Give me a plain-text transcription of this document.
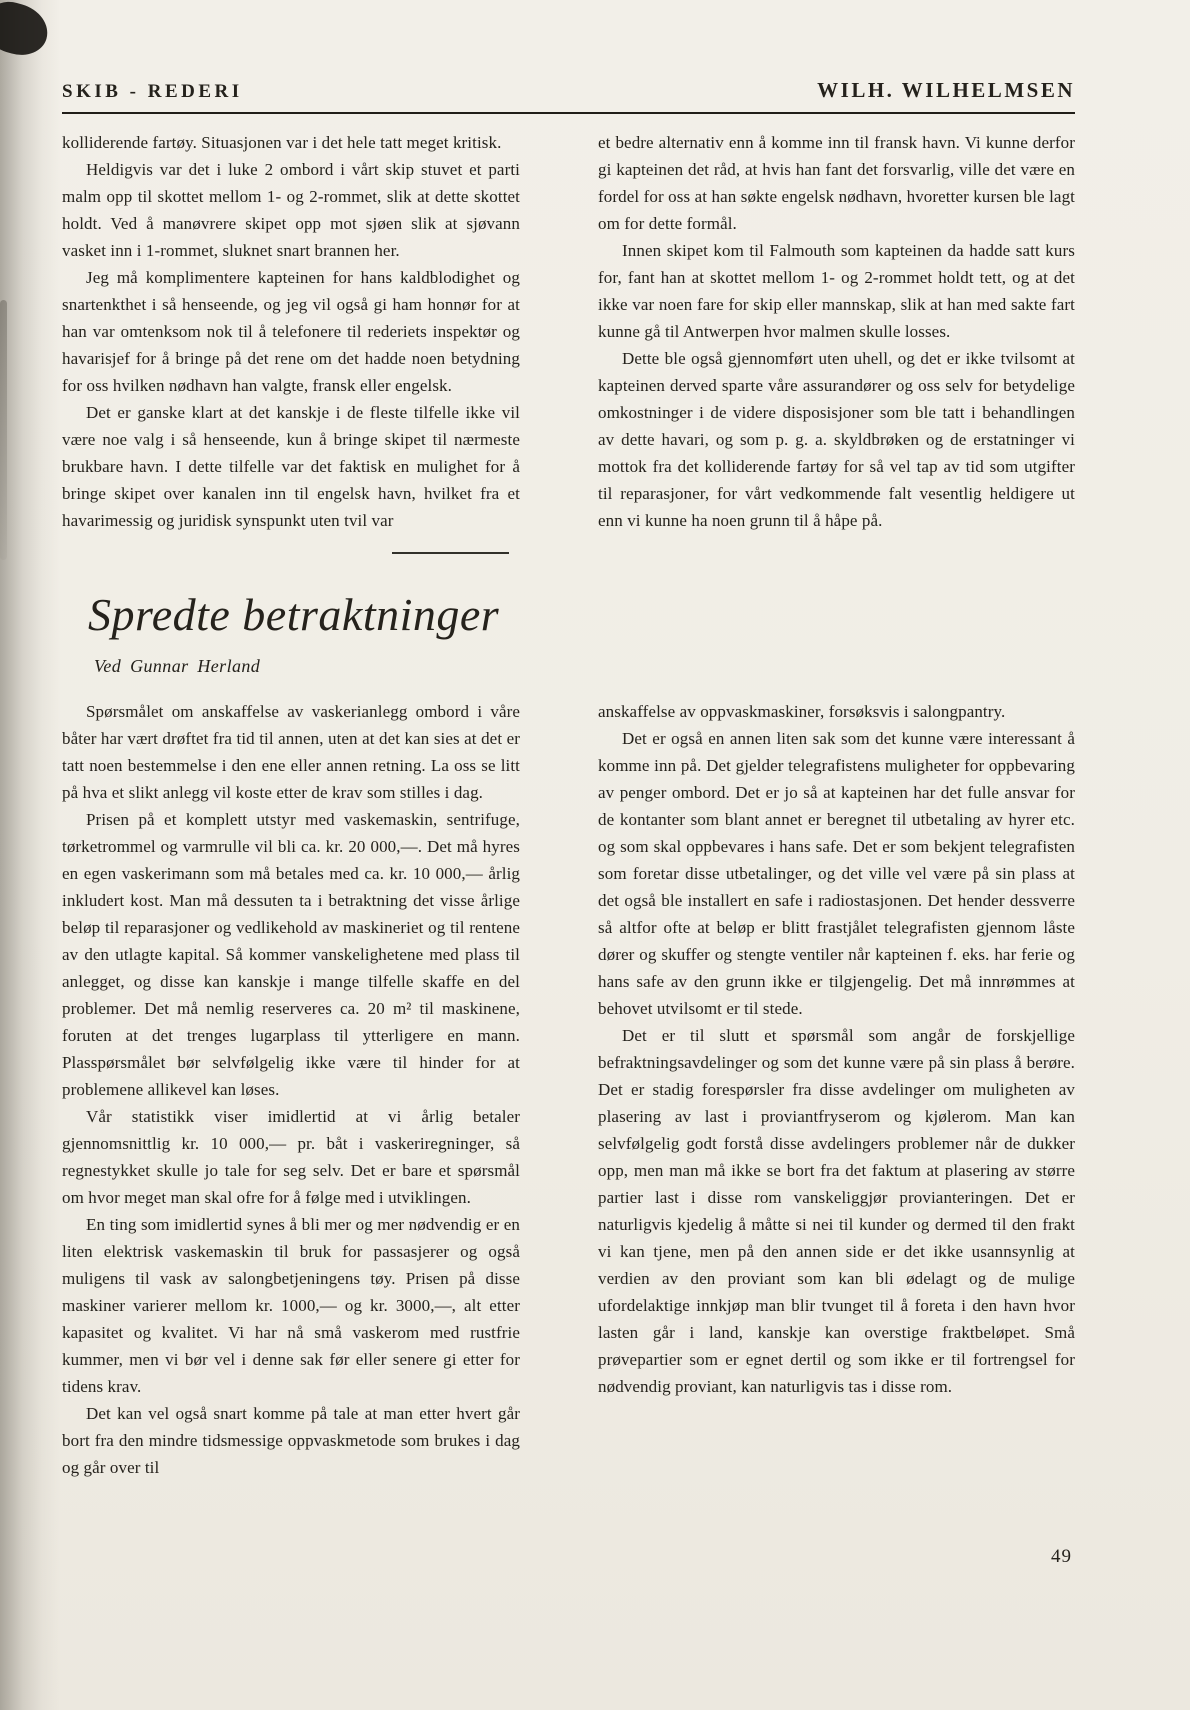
SKIB - REDERI	WILH. WILHELMSEN

kolliderende fartøy. Situasjonen var i det hele tatt meget kritisk.

Heldigvis var det i luke 2 ombord i vårt skip stuvet et parti malm opp til skottet mellom 1- og 2-rommet, slik at dette skottet holdt. Ved å manøvrere skipet opp mot sjøen slik at sjøvann vasket inn i 1-rommet, sluknet snart brannen her.

Jeg må komplimentere kapteinen for hans kaldblodighet og snartenkthet i så henseende, og jeg vil også gi ham honnør for at han var omtenksom nok til å telefonere til rederiets inspektør og havarisjef for å bringe på det rene om det hadde noen betydning for oss hvilken nødhavn han valgte, fransk eller engelsk.

Det er ganske klart at det kanskje i de fleste tilfelle ikke vil være noe valg i så henseende, kun å bringe skipet til nærmeste brukbare havn. I dette tilfelle var det faktisk en mulighet for å bringe skipet over kanalen inn til engelsk havn, hvilket fra et havarimessig og juridisk synspunkt uten tvil var

et bedre alternativ enn å komme inn til fransk havn. Vi kunne derfor gi kapteinen det råd, at hvis han fant det forsvarlig, ville det være en fordel for oss at han søkte engelsk nødhavn, hvoretter kursen ble lagt om for dette formål.

Innen skipet kom til Falmouth som kapteinen da hadde satt kurs for, fant han at skottet mellom 1- og 2-rommet holdt tett, og at det ikke var noen fare for skip eller mannskap, slik at han med sakte fart kunne gå til Antwerpen hvor malmen skulle losses.

Dette ble også gjennomført uten uhell, og det er ikke tvilsomt at kapteinen derved sparte våre assurandører og oss selv for betydelige omkostninger i de videre disposisjoner som ble tatt i behandlingen av dette havari, og som p. g. a. skyldbrøken og de erstatninger vi mottok fra det kolliderende fartøy for så vel tap av tid som utgifter til reparasjoner, for vårt vedkommende falt vesentlig heldigere ut enn vi kunne ha noen grunn til å håpe på.

Spredte betraktninger
Ved Gunnar Herland

Spørsmålet om anskaffelse av vaskerianlegg ombord i våre båter har vært drøftet fra tid til annen, uten at det kan sies at det er tatt noen bestemmelse i den ene eller annen retning. La oss se litt på hva et slikt anlegg vil koste etter de krav som stilles i dag.

Prisen på et komplett utstyr med vaskemaskin, sentrifuge, tørketrommel og varmrulle vil bli ca. kr. 20 000,—. Det må hyres en egen vaskerimann som må betales med ca. kr. 10 000,— årlig inkludert kost. Man må dessuten ta i betraktning det visse årlige beløp til reparasjoner og vedlikehold av maskineriet og til rentene av den utlagte kapital. Så kommer vanskelighetene med plass til anlegget, og disse kan kanskje i mange tilfelle skaffe en del problemer. Det må nemlig reserveres ca. 20 m² til maskinene, foruten at det trenges lugarplass til ytterligere en mann. Plasspørsmålet bør selvfølgelig ikke være til hinder for at problemene allikevel kan løses.

Vår statistikk viser imidlertid at vi årlig betaler gjennomsnittlig kr. 10 000,— pr. båt i vaskeriregninger, så regnestykket skulle jo tale for seg selv. Det er bare et spørsmål om hvor meget man skal ofre for å følge med i utviklingen.

En ting som imidlertid synes å bli mer og mer nødvendig er en liten elektrisk vaskemaskin til bruk for passasjerer og også muligens til vask av salongbetjeningens tøy. Prisen på disse maskiner varierer mellom kr. 1000,— og kr. 3000,—, alt etter kapasitet og kvalitet. Vi har nå små vaskerom med rustfrie kummer, men vi bør vel i denne sak før eller senere gi etter for tidens krav.

Det kan vel også snart komme på tale at man etter hvert går bort fra den mindre tidsmessige oppvaskmetode som brukes i dag og går over til

anskaffelse av oppvaskmaskiner, forsøksvis i salongpantry.

Det er også en annen liten sak som det kunne være interessant å komme inn på. Det gjelder telegrafistens muligheter for oppbevaring av penger ombord. Det er jo så at kapteinen har det fulle ansvar for de kontanter som blant annet er beregnet til utbetaling av hyrer etc. og som skal oppbevares i hans safe. Det er som bekjent telegrafisten som foretar disse utbetalinger, og det ville vel være på sin plass at det også ble installert en safe i radiostasjonen. Det hender dessverre så altfor ofte at beløp er blitt frastjålet telegrafisten gjennom låste dører og skuffer og stengte ventiler når kapteinen f. eks. har ferie og hans safe av den grunn ikke er tilgjengelig. Det må innrømmes at behovet utvilsomt er til stede.

Det er til slutt et spørsmål som angår de forskjellige befraktningsavdelinger og som det kunne være på sin plass å berøre. Det er stadig forespørsler fra disse avdelinger om muligheten av plasering av last i proviantfryserom og kjølerom. Man kan selvfølgelig godt forstå disse avdelingers problemer når de dukker opp, men man må ikke se bort fra det faktum at plasering av større partier last i disse rom vanskeliggjør provianteringen. Det er naturligvis kjedelig å måtte si nei til kunder og dermed til den frakt vi kan tjene, men på den annen side er det ikke usannsynlig at verdien av den proviant som kan bli ødelagt og de mulige ufordelaktige innkjøp man blir tvunget til å foreta i den havn hvor lasten går i land, kanskje kan overstige fraktbeløpet. Små prøvepartier som er egnet dertil og som ikke er til fortrengsel for nødvendig proviant, kan naturligvis tas i disse rom.

49
